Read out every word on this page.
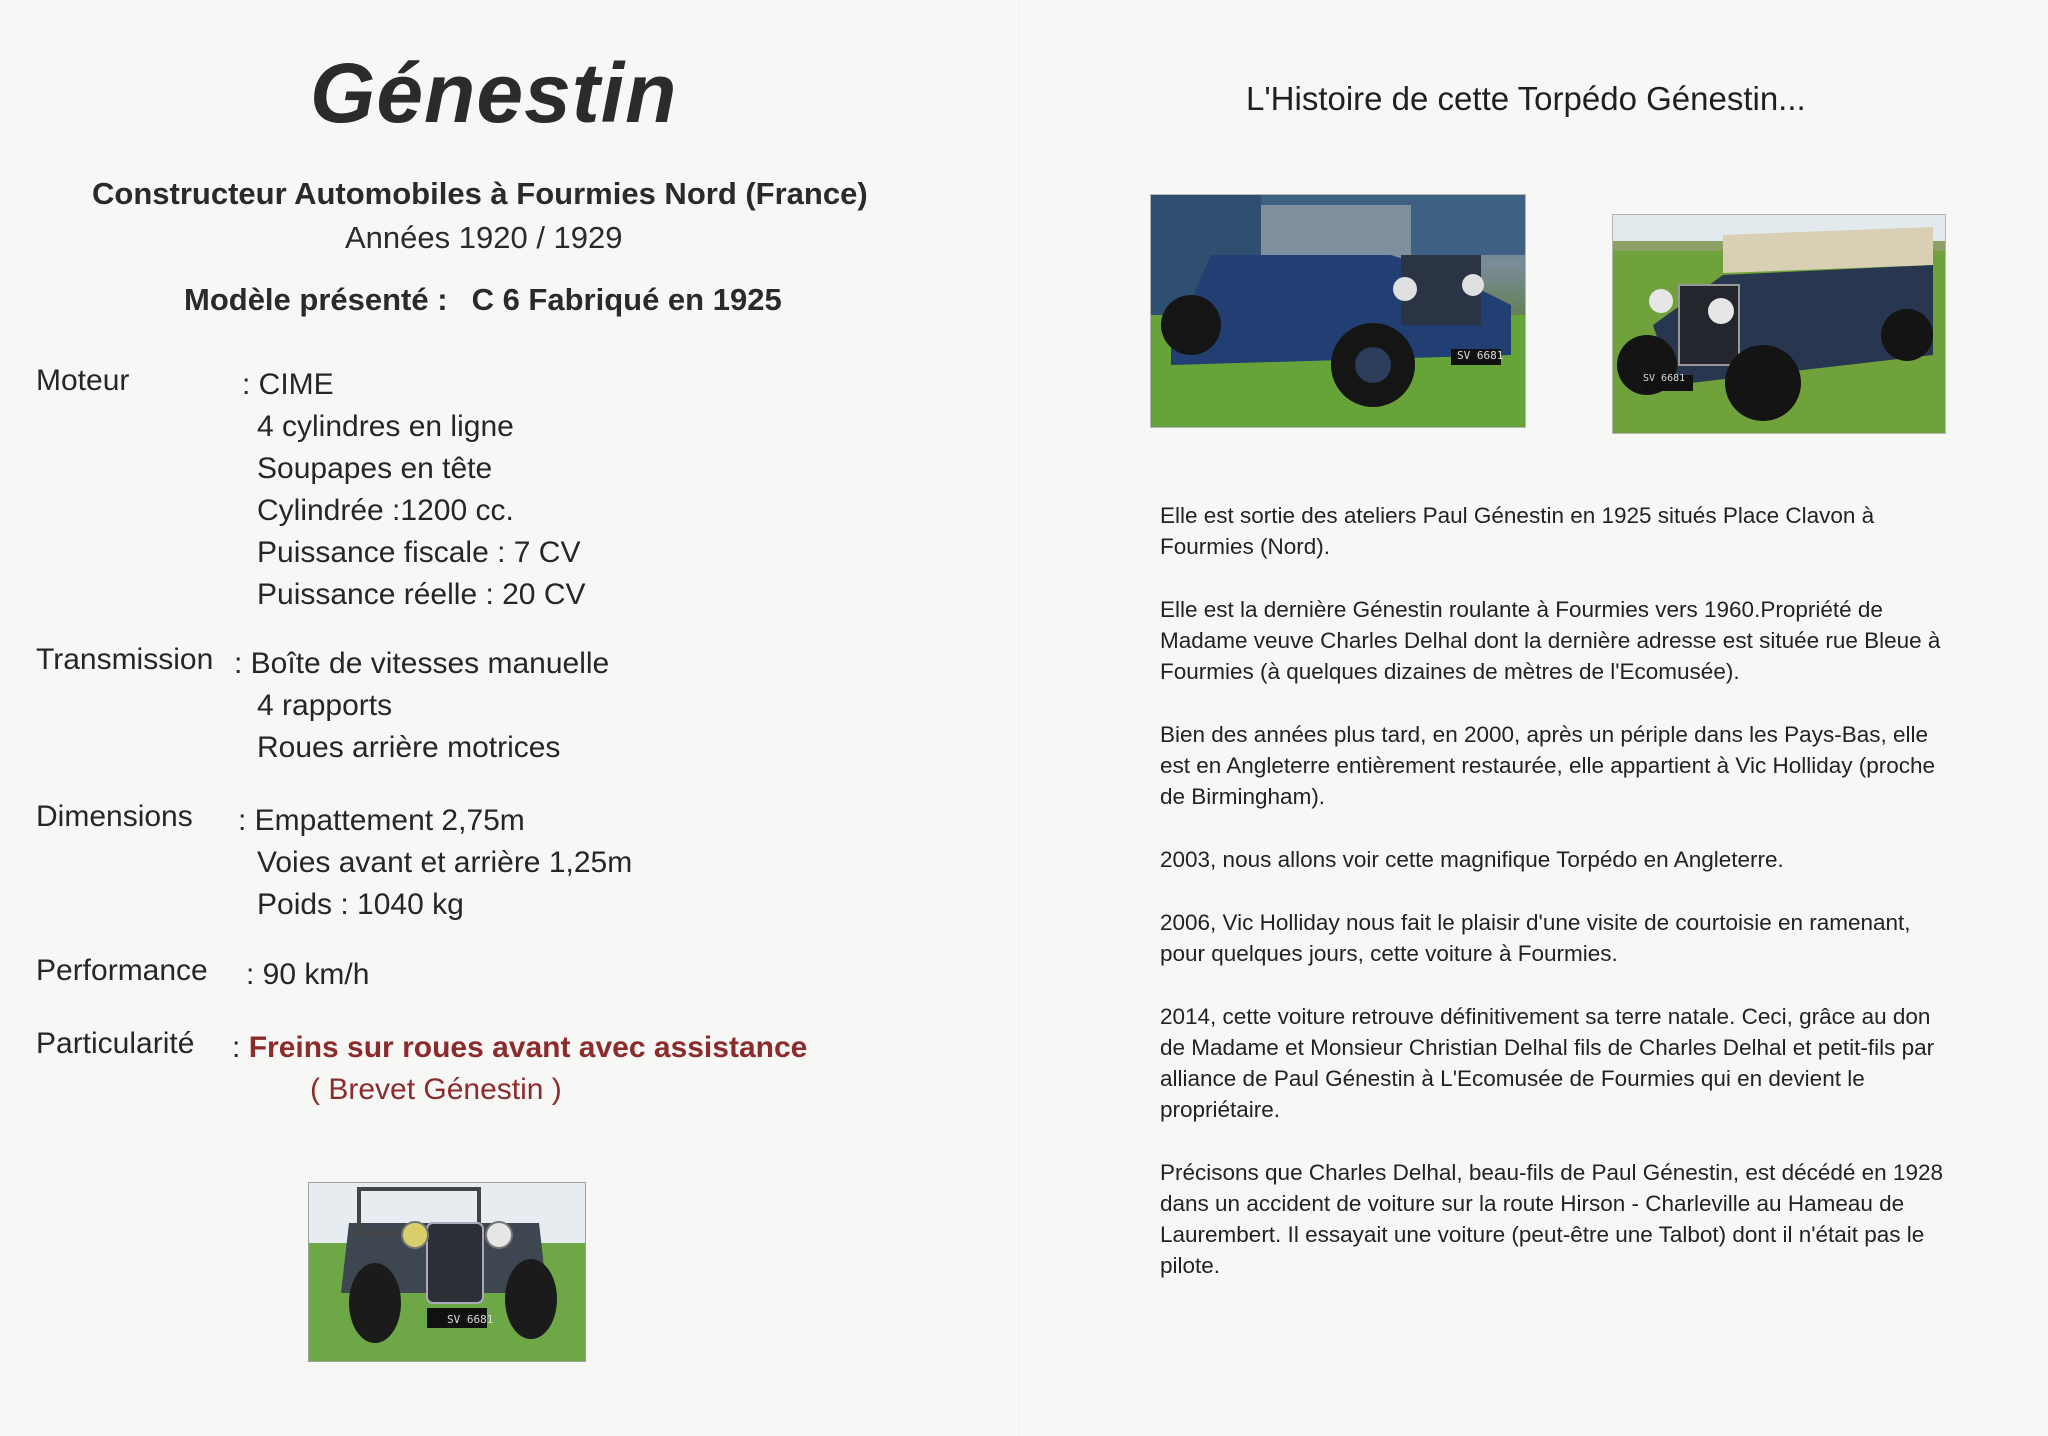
Génestin
Constructeur Automobiles à Fourmies Nord (France)
Années 1920 / 1929
Modèle présenté : C 6 Fabriqué en 1925
Moteur	: CIME
4 cylindres en ligne
Soupapes en tête
Cylindrée :1200 cc.
Puissance fiscale : 7 CV
Puissance réelle : 20 CV
Transmission : Boîte de vitesses manuelle
4 rapports
Roues arrière motrices
Dimensions : Empattement 2,75m
Voies avant et arrière 1,25m
Poids : 1040 kg
Performance : 90 km/h
Particularité : Freins sur roues avant avec assistance
( Brevet Génestin )
SV 6681
L'Histoire de cette Torpédo Génestin...
SV 6681
SV 6681

Elle est sortie des ateliers Paul Génestin en 1925 situés Place Clavon à Fourmies (Nord).

Elle est la dernière Génestin roulante à Fourmies vers 1960.Propriété de Madame veuve Charles Delhal dont la dernière adresse est située rue Bleue à Fourmies (à quelques dizaines de mètres de l'Ecomusée).

Bien des années plus tard, en 2000, après un périple dans les Pays-Bas, elle est en Angleterre entièrement restaurée, elle appartient à Vic Holliday (proche de Birmingham).

2003, nous allons voir cette magnifique Torpédo en Angleterre.

2006, Vic Holliday nous fait le plaisir d'une visite de courtoisie en ramenant, pour quelques jours, cette voiture à Fourmies.

2014, cette voiture retrouve définitivement sa terre natale. Ceci, grâce au don de Madame et Monsieur Christian Delhal fils de Charles Delhal et petit-fils par alliance de Paul Génestin à L'Ecomusée de Fourmies qui en devient le propriétaire.

Précisons que Charles Delhal, beau-fils de Paul Génestin, est décédé en 1928 dans un accident de voiture sur la route Hirson - Charleville au Hameau de Laurembert. Il essayait une voiture (peut-être une Talbot) dont il n'était pas le pilote.
